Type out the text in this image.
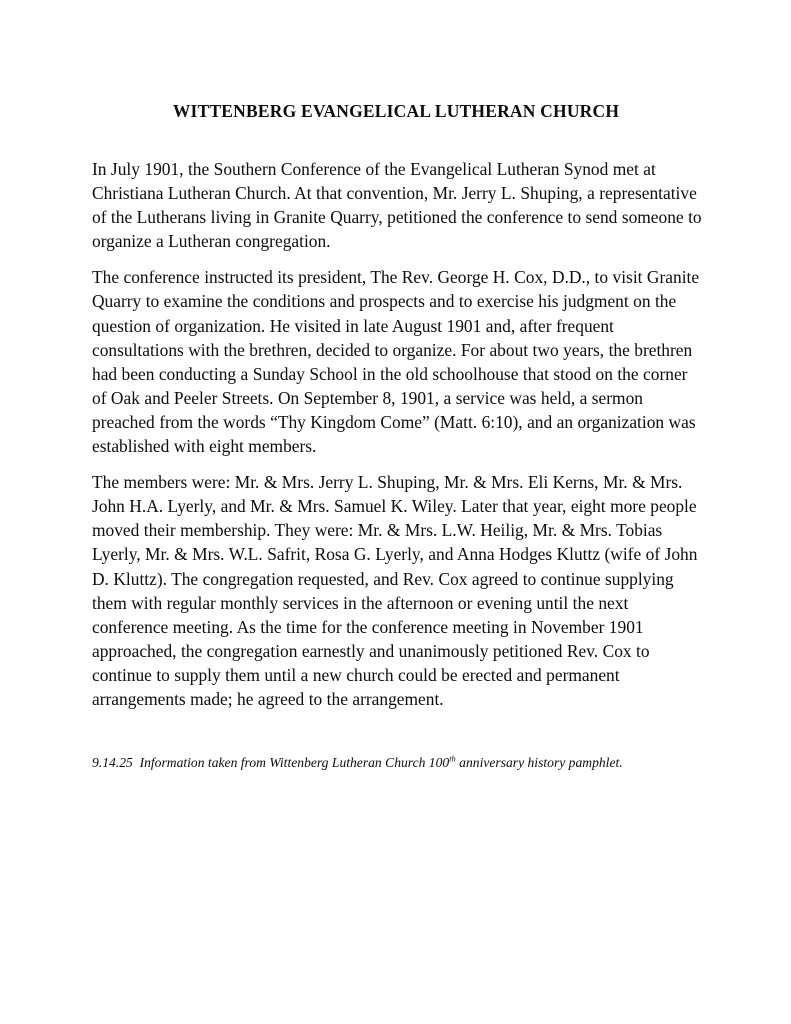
WITTENBERG EVANGELICAL LUTHERAN CHURCH

In July 1901, the Southern Conference of the Evangelical Lutheran Synod met at Christiana Lutheran Church. At that convention, Mr. Jerry L. Shuping, a representative of the Lutherans living in Granite Quarry, petitioned the conference to send someone to organize a Lutheran congregation.

The conference instructed its president, The Rev. George H. Cox, D.D., to visit Granite Quarry to examine the conditions and prospects and to exercise his judgment on the question of organization. He visited in late August 1901 and, after frequent consultations with the brethren, decided to organize. For about two years, the brethren had been conducting a Sunday School in the old schoolhouse that stood on the corner of Oak and Peeler Streets. On September 8, 1901, a service was held, a sermon preached from the words “Thy Kingdom Come” (Matt. 6:10), and an organization was established with eight members.

The members were: Mr. & Mrs. Jerry L. Shuping, Mr. & Mrs. Eli Kerns, Mr. & Mrs. John H.A. Lyerly, and Mr. & Mrs. Samuel K. Wiley. Later that year, eight more people moved their membership. They were: Mr. & Mrs. L.W. Heilig, Mr. & Mrs. Tobias Lyerly, Mr. & Mrs. W.L. Safrit, Rosa G. Lyerly, and Anna Hodges Kluttz (wife of John D. Kluttz). The congregation requested, and Rev. Cox agreed to continue supplying them with regular monthly services in the afternoon or evening until the next conference meeting. As the time for the conference meeting in November 1901 approached, the congregation earnestly and unanimously petitioned Rev. Cox to continue to supply them until a new church could be erected and permanent arrangements made; he agreed to the arrangement.

9.14.25 Information taken from Wittenberg Lutheran Church 100th anniversary history pamphlet.
